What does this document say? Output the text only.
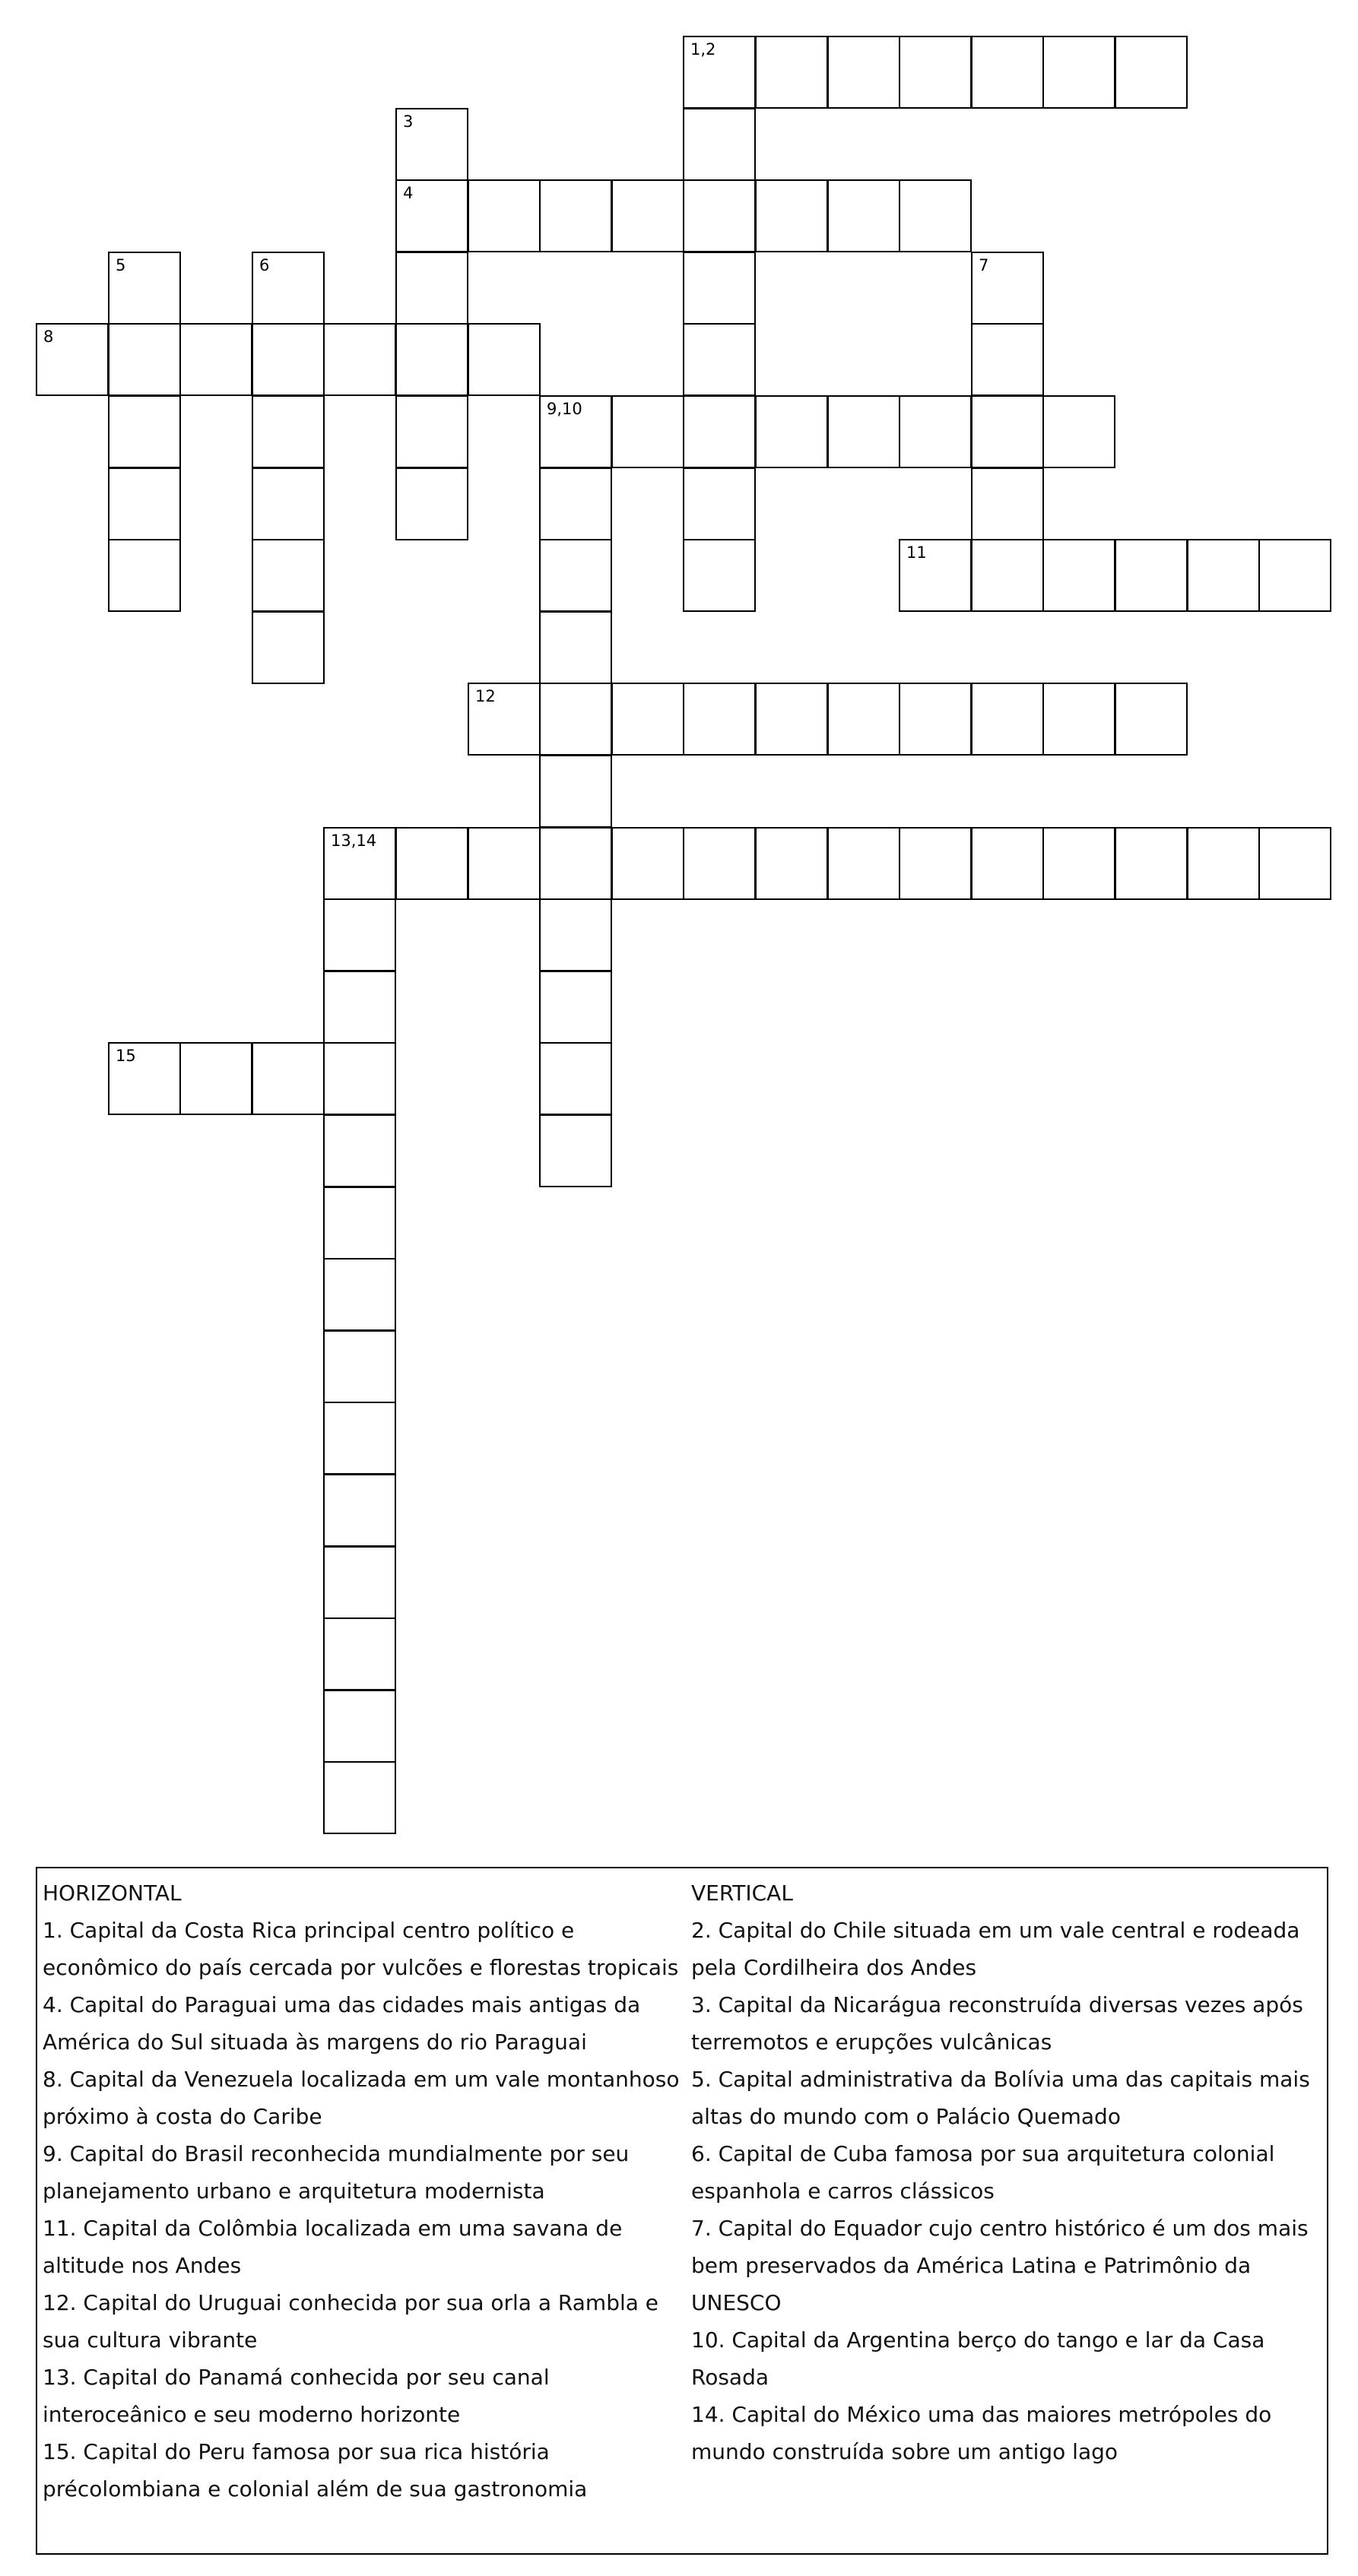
1,2
3
4
5	6	7
8
9,10
11
12
13,14
15
HORIZONTAL
1. Capital da Costa Rica principal centro político e econômico do país cercada por vulcões e florestas tropicais
4. Capital do Paraguai uma das cidades mais antigas da América do Sul situada às margens do rio Paraguai
8. Capital da Venezuela localizada em um vale montanhoso próximo à costa do Caribe
9. Capital do Brasil reconhecida mundialmente por seu planejamento urbano e arquitetura modernista
11. Capital da Colômbia localizada em uma savana de altitude nos Andes
12. Capital do Uruguai conhecida por sua orla a Rambla e sua cultura vibrante
13. Capital do Panamá conhecida por seu canal interoceânico e seu moderno horizonte
15. Capital do Peru famosa por sua rica história précolombiana e colonial além de sua gastronomia
VERTICAL
2. Capital do Chile situada em um vale central e rodeada pela Cordilheira dos Andes
3. Capital da Nicarágua reconstruída diversas vezes após terremotos e erupções vulcânicas
5. Capital administrativa da Bolívia uma das capitais mais altas do mundo com o Palácio Quemado
6. Capital de Cuba famosa por sua arquitetura colonial espanhola e carros clássicos
7. Capital do Equador cujo centro histórico é um dos mais bem preservados da América Latina e Patrimônio da UNESCO
10. Capital da Argentina berço do tango e lar da Casa Rosada
14. Capital do México uma das maiores metrópoles do mundo construída sobre um antigo lago
